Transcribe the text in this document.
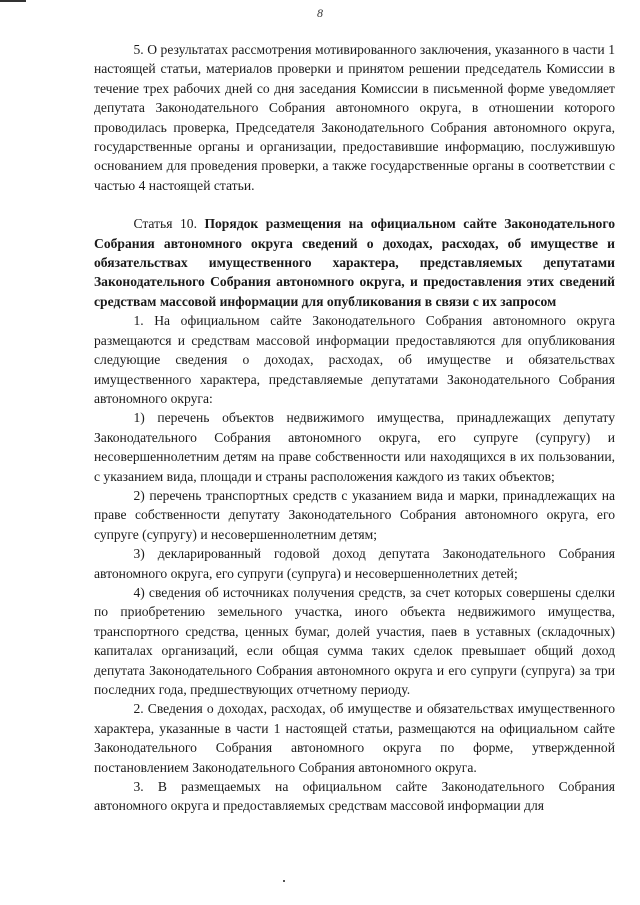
8

5. О результатах рассмотрения мотивированного заключения, указанного в части 1 настоящей статьи, материалов проверки и принятом решении председатель Комиссии в течение трех рабочих дней со дня заседания Комиссии в письменной форме уведомляет депутата Законодательного Собрания автономного округа, в отношении которого проводилась проверка, Председателя Законодательного Собрания автономного округа, государственные органы и организации, предоставившие информацию, послужившую основанием для проведения проверки, а также государственные органы в соответствии с частью 4 настоящей статьи.

Статья 10. Порядок размещения на официальном сайте Законодательного Собрания автономного округа сведений о доходах, расходах, об имуществе и обязательствах имущественного характера, представляемых депутатами Законодательного Собрания автономного округа, и предоставления этих сведений средствам массовой информации для опубликования в связи с их запросом

1. На официальном сайте Законодательного Собрания автономного округа размещаются и средствам массовой информации предоставляются для опубликования следующие сведения о доходах, расходах, об имуществе и обязательствах имущественного характера, представляемые депутатами Законодательного Собрания автономного округа:

1) перечень объектов недвижимого имущества, принадлежащих депутату Законодательного Собрания автономного округа, его супруге (супругу) и несовершеннолетним детям на праве собственности или находящихся в их пользовании, с указанием вида, площади и страны расположения каждого из таких объектов;

2) перечень транспортных средств с указанием вида и марки, принадлежащих на праве собственности депутату Законодательного Собрания автономного округа, его супруге (супругу) и несовершеннолетним детям;

3) декларированный годовой доход депутата Законодательного Собрания автономного округа, его супруги (супруга) и несовершеннолетних детей;

4) сведения об источниках получения средств, за счет которых совершены сделки по приобретению земельного участка, иного объекта недвижимого имущества, транспортного средства, ценных бумаг, долей участия, паев в уставных (складочных) капиталах организаций, если общая сумма таких сделок превышает общий доход депутата Законодательного Собрания автономного округа и его супруги (супруга) за три последних года, предшествующих отчетному периоду.

2. Сведения о доходах, расходах, об имуществе и обязательствах имущественного характера, указанные в части 1 настоящей статьи, размещаются на официальном сайте Законодательного Собрания автономного округа по форме, утвержденной постановлением Законодательного Собрания автономного округа.

3. В размещаемых на официальном сайте Законодательного Собрания автономного округа и предоставляемых средствам массовой информации для
